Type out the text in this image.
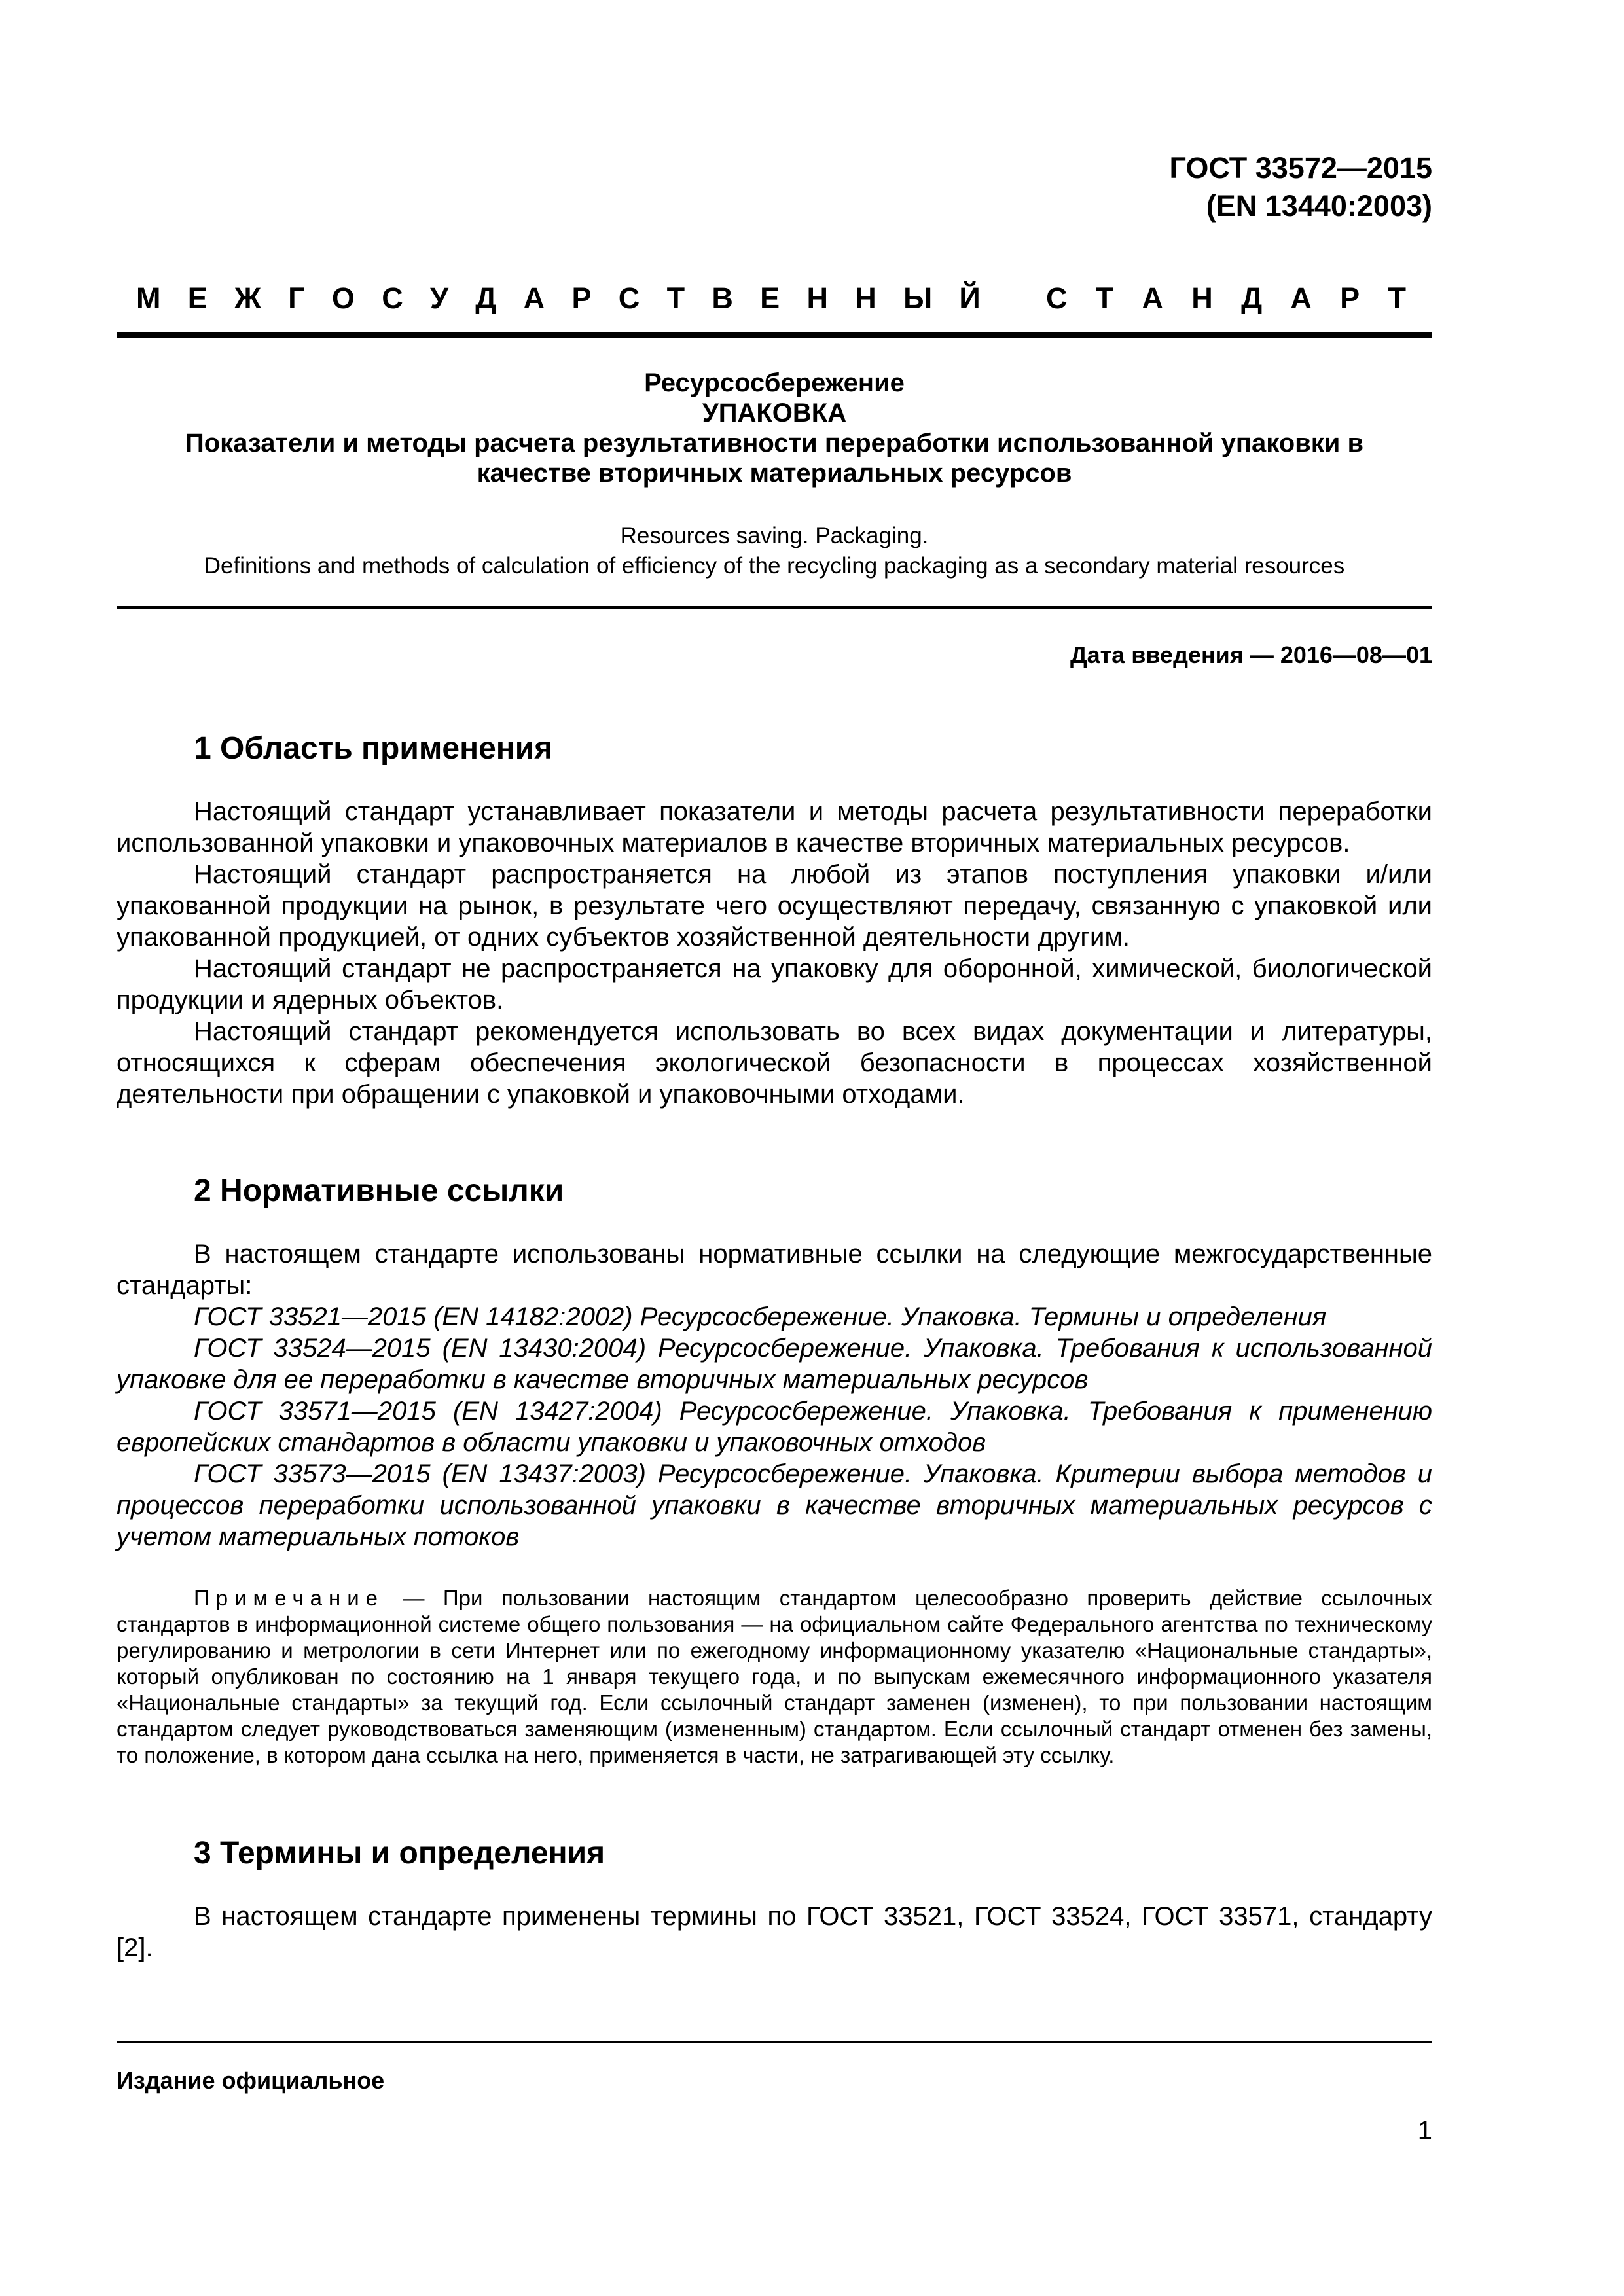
ГОСТ 33572—2015
(EN 13440:2003)
М Е Ж Г О С У Д А Р С Т В Е Н Н Ы Й С Т А Н Д А Р Т
Ресурсосбережение
УПАКОВКА
Показатели и методы расчета результативности переработки использованной упаковки в
качестве вторичных материальных ресурсов
Resources saving. Packaging.
Definitions and methods of calculation of efficiency of the recycling packaging as a secondary material resources
Дата введения — 2016—08—01
1 Область применения

Настоящий стандарт устанавливает показатели и методы расчета результативности переработки использованной упаковки и упаковочных материалов в качестве вторичных материальных ресурсов.

Настоящий стандарт распространяется на любой из этапов поступления упаковки и/или упакованной продукции на рынок, в результате чего осуществляют передачу, связанную с упаковкой или упакованной продукцией, от одних субъектов хозяйственной деятельности другим.

Настоящий стандарт не распространяется на упаковку для оборонной, химической, биологической продукции и ядерных объектов.

Настоящий стандарт рекомендуется использовать во всех видах документации и литературы, относящихся к сферам обеспечения экологической безопасности в процессах хозяйственной деятельности при обращении с упаковкой и упаковочными отходами.

2 Нормативные ссылки

В настоящем стандарте использованы нормативные ссылки на следующие межгосударственные стандарты:

ГОСТ 33521—2015 (EN 14182:2002) Ресурсосбережение. Упаковка. Термины и определения

ГОСТ 33524—2015 (EN 13430:2004) Ресурсосбережение. Упаковка. Требования к использованной упаковке для ее переработки в качестве вторичных материальных ресурсов

ГОСТ 33571—2015 (EN 13427:2004) Ресурсосбережение. Упаковка. Требования к применению европейских стандартов в области упаковки и упаковочных отходов

ГОСТ 33573—2015 (EN 13437:2003) Ресурсосбережение. Упаковка. Критерии выбора методов и процессов переработки использованной упаковки в качестве вторичных материальных ресурсов с учетом материальных потоков

Примечание — При пользовании настоящим стандартом целесообразно проверить действие ссылочных стандартов в информационной системе общего пользования — на официальном сайте Федерального агентства по техническому регулированию и метрологии в сети Интернет или по ежегодному информационному указателю «Национальные стандарты», который опубликован по состоянию на 1 января текущего года, и по выпускам ежемесячного информационного указателя «Национальные стандарты» за текущий год. Если ссылочный стандарт заменен (изменен), то при пользовании настоящим стандартом следует руководствоваться заменяющим (измененным) стандартом. Если ссылочный стандарт отменен без замены, то положение, в котором дана ссылка на него, применяется в части, не затрагивающей эту ссылку.

3 Термины и определения

В настоящем стандарте применены термины по ГОСТ 33521, ГОСТ 33524, ГОСТ 33571, стандарту [2].

Издание официальное
1
